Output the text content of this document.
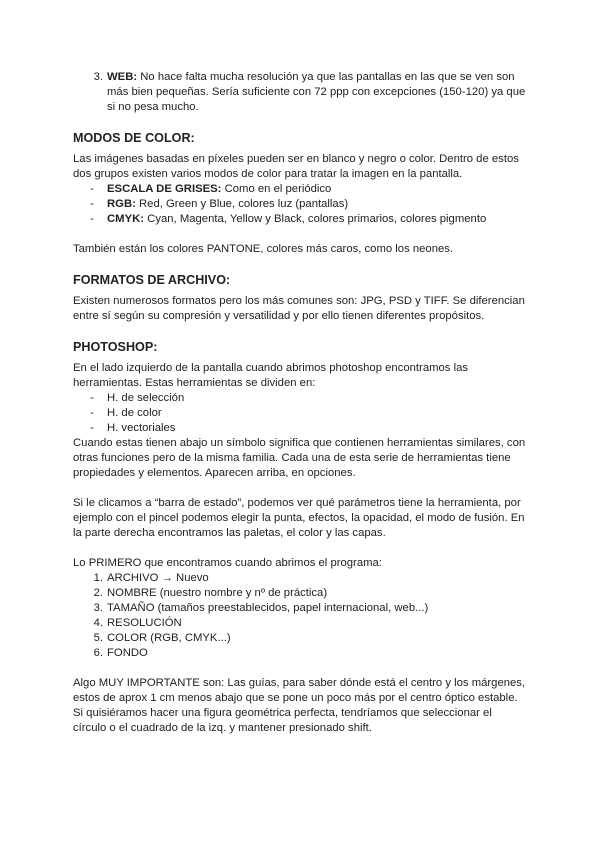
3. WEB: No hace falta mucha resolución ya que las pantallas en las que se ven son más bien pequeñas. Sería suficiente con 72 ppp con excepciones (150-120) ya que si no pesa mucho.
MODOS DE COLOR:

Las imágenes basadas en píxeles pueden ser en blanco y negro o color. Dentro de estos dos grupos existen varios modos de color para tratar la imagen en la pantalla.

- ESCALA DE GRISES: Como en el periódico
- RGB: Red, Green y Blue, colores luz (pantallas)
- CMYK: Cyan, Magenta, Yellow y Black, colores primarios, colores pigmento

También están los colores PANTONE, colores más caros, como los neones.

FORMATOS DE ARCHIVO:

Existen numerosos formatos pero los más comunes son: JPG, PSD y TIFF. Se diferencian entre sí según su compresión y versatilidad y por ello tienen diferentes propósitos.

PHOTOSHOP:

En el lado izquierdo de la pantalla cuando abrimos photoshop encontramos las herramientas. Estas herramientas se dividen en:

- H. de selección
- H. de color
- H. vectoriales

Cuando estas tienen abajo un símbolo significa que contienen herramientas similares, con otras funciones pero de la misma familia. Cada una de esta serie de herramientas tiene propiedades y elementos. Aparecen arriba, en opciones.

Si le clicamos a “barra de estado”, podemos ver qué parámetros tiene la herramienta, por ejemplo con el pincel podemos elegir la punta, efectos, la opacidad, el modo de fusión. En la parte derecha encontramos las paletas, el color y las capas.

Lo PRIMERO que encontramos cuando abrimos el programa:

1. ARCHIVO → Nuevo
2. NOMBRE (nuestro nombre y nº de práctica)
3. TAMAÑO (tamaños preestablecidos, papel internacional, web...)
4. RESOLUCIÓN
5. COLOR (RGB, CMYK...)
6. FONDO

Algo MUY IMPORTANTE son: Las guías, para saber dónde está el centro y los márgenes, estos de aprox 1 cm menos abajo que se pone un poco más por el centro óptico estable. Si quisiéramos hacer una figura geométrica perfecta, tendríamos que seleccionar el círculo o el cuadrado de la izq. y mantener presionado shift.
